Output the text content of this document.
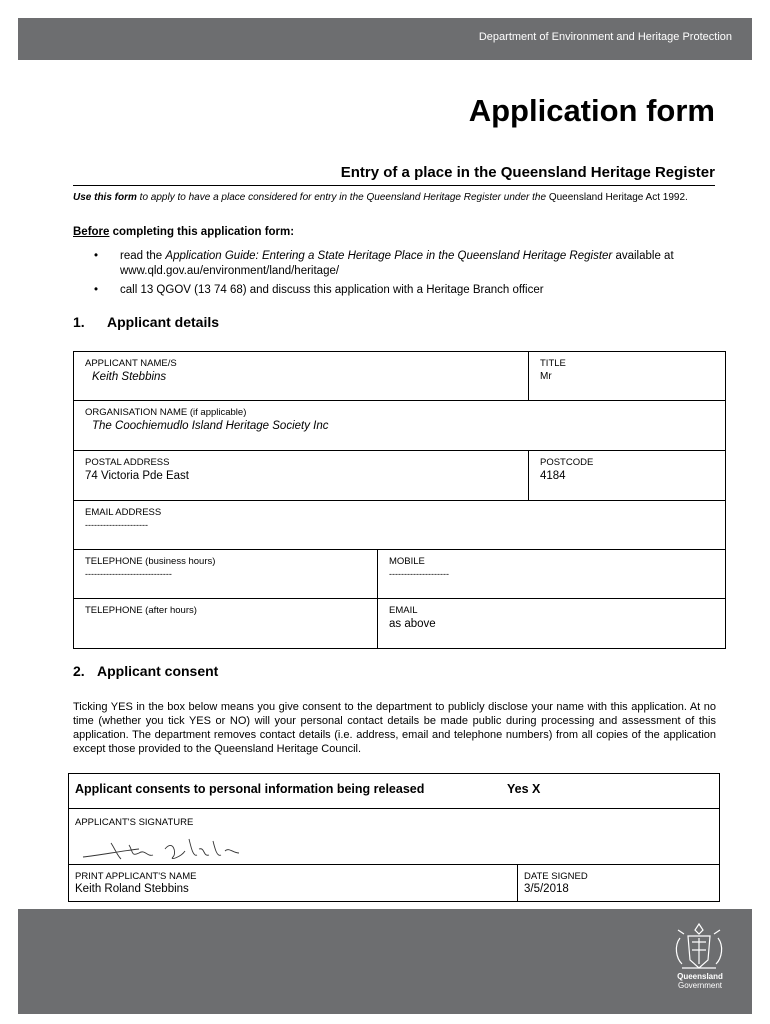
Department of Environment and Heritage Protection
Application form
Entry of a place in the Queensland Heritage Register
Use this form to apply to have a place considered for entry in the Queensland Heritage Register under the Queensland Heritage Act 1992.
Before completing this application form:
• read the Application Guide: Entering a State Heritage Place in the Queensland Heritage Register available at www.qld.gov.au/environment/land/heritage/
• call 13 QGOV (13 74 68) and discuss this application with a Heritage Branch officer
1. Applicant details
APPLICANT NAME/S
Keith Stebbins
TITLE
Mr
ORGANISATION NAME (if applicable)
The Coochiemudlo Island Heritage Society Inc
POSTAL ADDRESS
74 Victoria Pde East
POSTCODE
4184
EMAIL ADDRESS
---------------------
TELEPHONE (business hours)
-----------------------------
MOBILE
--------------------
TELEPHONE (after hours)	EMAIL
as above
2. Applicant consent
Ticking YES in the box below means you give consent to the department to publicly disclose your name with this application. At no time (whether you tick YES or NO) will your personal contact details be made public during processing and assessment of this application. The department removes contact details (i.e. address, email and telephone numbers) from all copies of the application except those provided to the Queensland Heritage Council.
Applicant consents to personal information being released	Yes X
APPLICANT'S SIGNATURE
PRINT APPLICANT'S NAME
Keith Roland Stebbins
DATE SIGNED
3/5/2018
Queensland
Government
